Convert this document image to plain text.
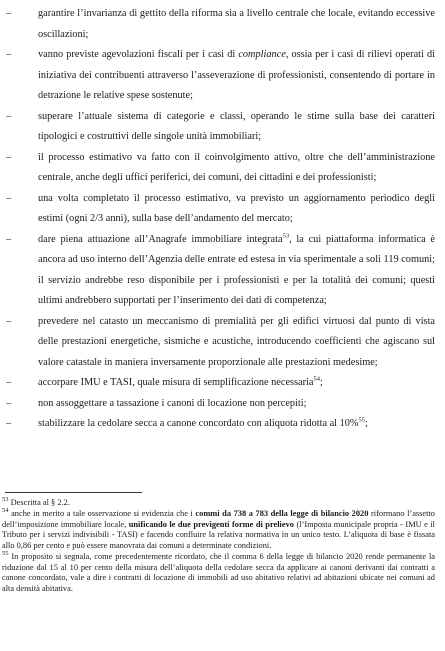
–	garantire l’invarianza di gettito della riforma sia a livello centrale che locale, evitando eccessive oscillazioni;
–	vanno previste agevolazioni fiscali per i casi di compliance, ossia per i casi di rilievi operati di iniziativa dei contribuenti attraverso l’asseverazione di professionisti, consentendo di portare in detrazione le relative spese sostenute;
–	superare l’attuale sistema di categorie e classi, operando le stime sulla base dei caratteri tipologici e costruttivi delle singole unità immobiliari;
–	il processo estimativo va fatto con il coinvolgimento attivo, oltre che dell’amministrazione centrale, anche degli uffici periferici, dei comuni, dei cittadini e dei professionisti;
–	una volta completato il processo estimativo, va previsto un aggiornamento periodico degli estimi (ogni 2/3 anni), sulla base dell’andamento del mercato;
–	dare piena attuazione all’Anagrafe immobiliare integrata$^{53}$, la cui piattaforma informatica è ancora ad uso interno dell’Agenzia delle entrate ed estesa in via sperimentale a soli 119 comuni; il servizio andrebbe reso disponibile per i professionisti e per la totalità dei comuni; questi ultimi andrebbero supportati per l’inserimento dei dati di competenza;
–	prevedere nel catasto un meccanismo di premialità per gli edifici virtuosi dal punto di vista delle prestazioni energetiche, sismiche e acustiche, introducendo coefficienti che agiscano sul valore catastale in maniera inversamente proporzionale alle prestazioni medesime;
–	accorpare IMU e TASI, quale misura di semplificazione necessaria$^{54}$;
–	non assoggettare a tassazione i canoni di locazione non percepiti;
–	stabilizzare la cedolare secca a canone concordato con aliquota ridotta al 10%$^{55}$;

$^{53}$ Descritta al § 2.2.

$^{54}$ anche in merito a tale osservazione si evidenzia che i commi da 738 a 783 della legge di bilancio 2020 riformano l’assetto dell’imposizione immobiliare locale, unificando le due previgenti forme di prelievo (l’Imposta municipale propria - IMU e il Tributo per i servizi indivisibili - TASI) e facendo confluire la relativa normativa in un unico testo. L’aliquota di base è fissata allo 0,86 per cento e può essere manovrata dai comuni a determinate condizioni.

$^{55}$ In proposito si segnala, come precedentemente ricordato, che il comma 6 della legge di bilancio 2020 rende permanente la riduzione dal 15 al 10 per cento della misura dell’aliquota della cedolare secca da applicare ai canoni derivanti dai contratti a canone concordato, vale a dire i contratti di locazione di immobili ad uso abitativo relativi ad abitazioni ubicate nei comuni ad alta densità abitativa.
